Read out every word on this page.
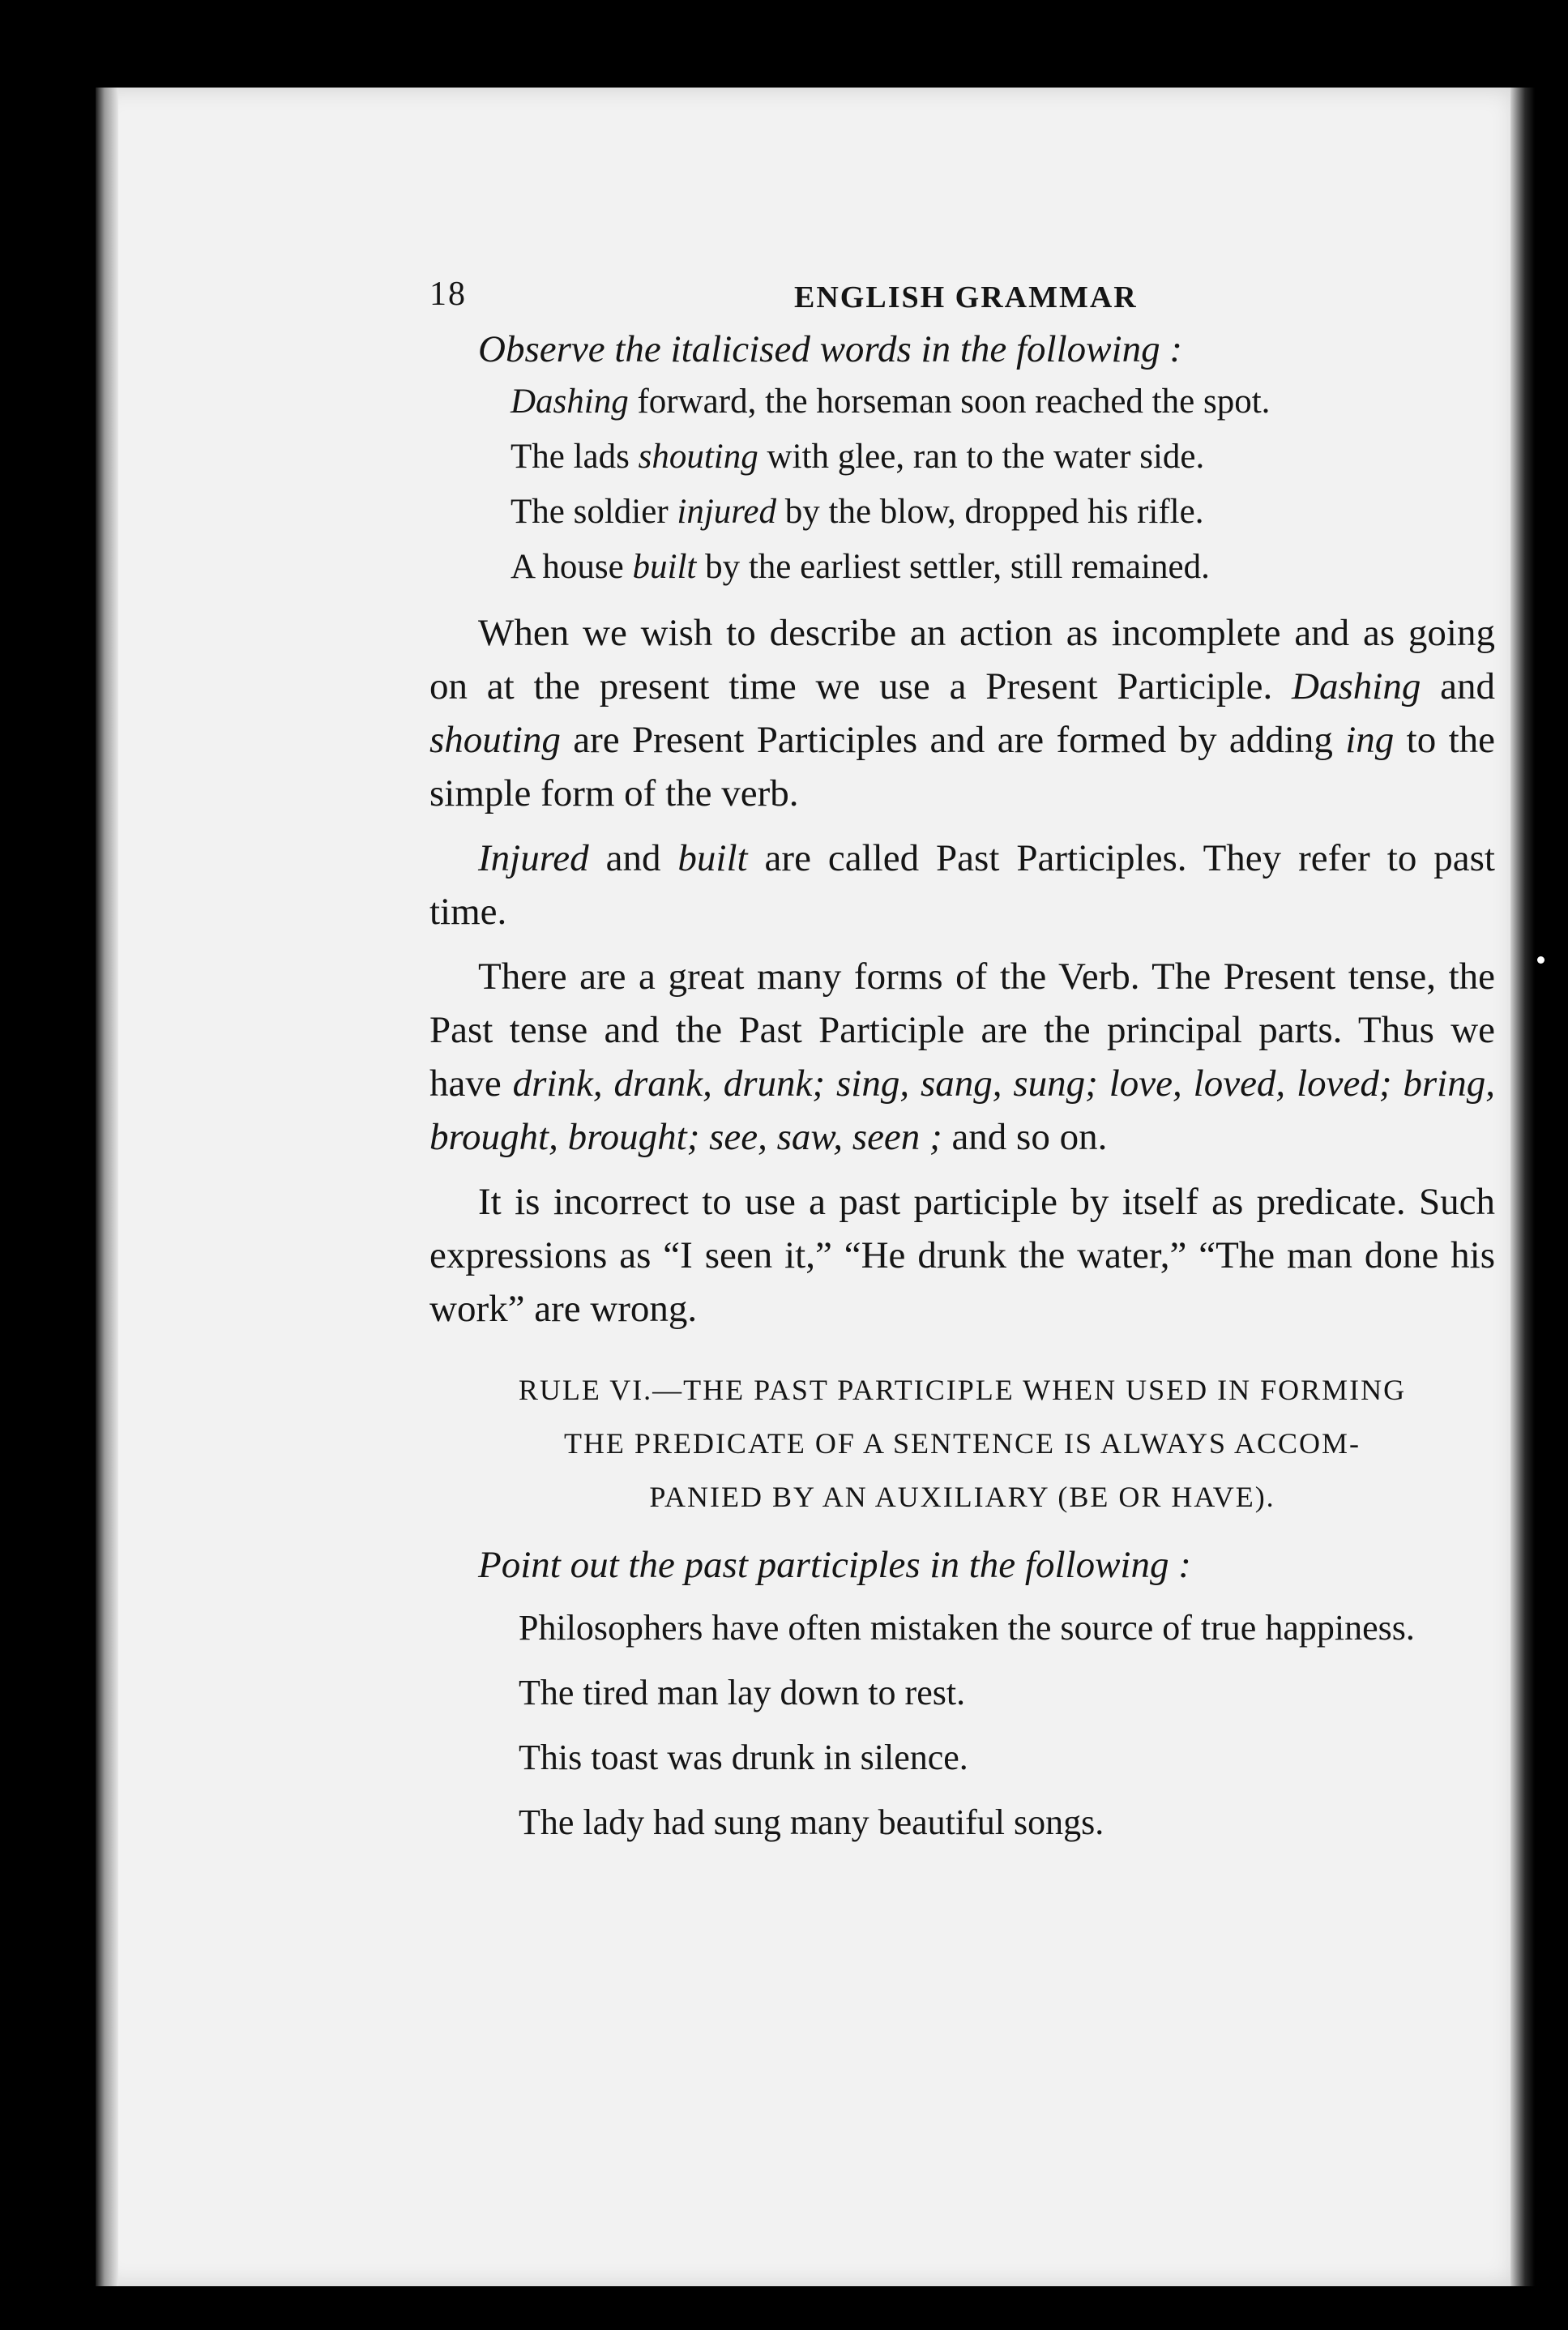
18	ENGLISH GRAMMAR

Observe the italicised words in the following :

Dashing forward, the horseman soon reached the spot.
The lads shouting with glee, ran to the water side.
The soldier injured by the blow, dropped his rifle.
A house built by the earliest settler, still remained.

When we wish to describe an action as incomplete and as going on at the present time we use a Present Participle. Dashing and shouting are Present Participles and are formed by adding ing to the simple form of the verb.

Injured and built are called Past Participles. They refer to past time.

There are a great many forms of the Verb. The Present tense, the Past tense and the Past Participle are the principal parts. Thus we have drink, drank, drunk; sing, sang, sung; love, loved, loved; bring, brought, brought; see, saw, seen ; and so on.

It is incorrect to use a past participle by itself as predicate. Such expressions as “I seen it,” “He drunk the water,” “The man done his work” are wrong.

RULE VI.—THE PAST PARTICIPLE WHEN USED IN FORMING
THE PREDICATE OF A SENTENCE IS ALWAYS ACCOM-
PANIED BY AN AUXILIARY (BE OR HAVE).

Point out the past participles in the following :

Philosophers have often mistaken the source of true happiness.
The tired man lay down to rest.
This toast was drunk in silence.
The lady had sung many beautiful songs.
